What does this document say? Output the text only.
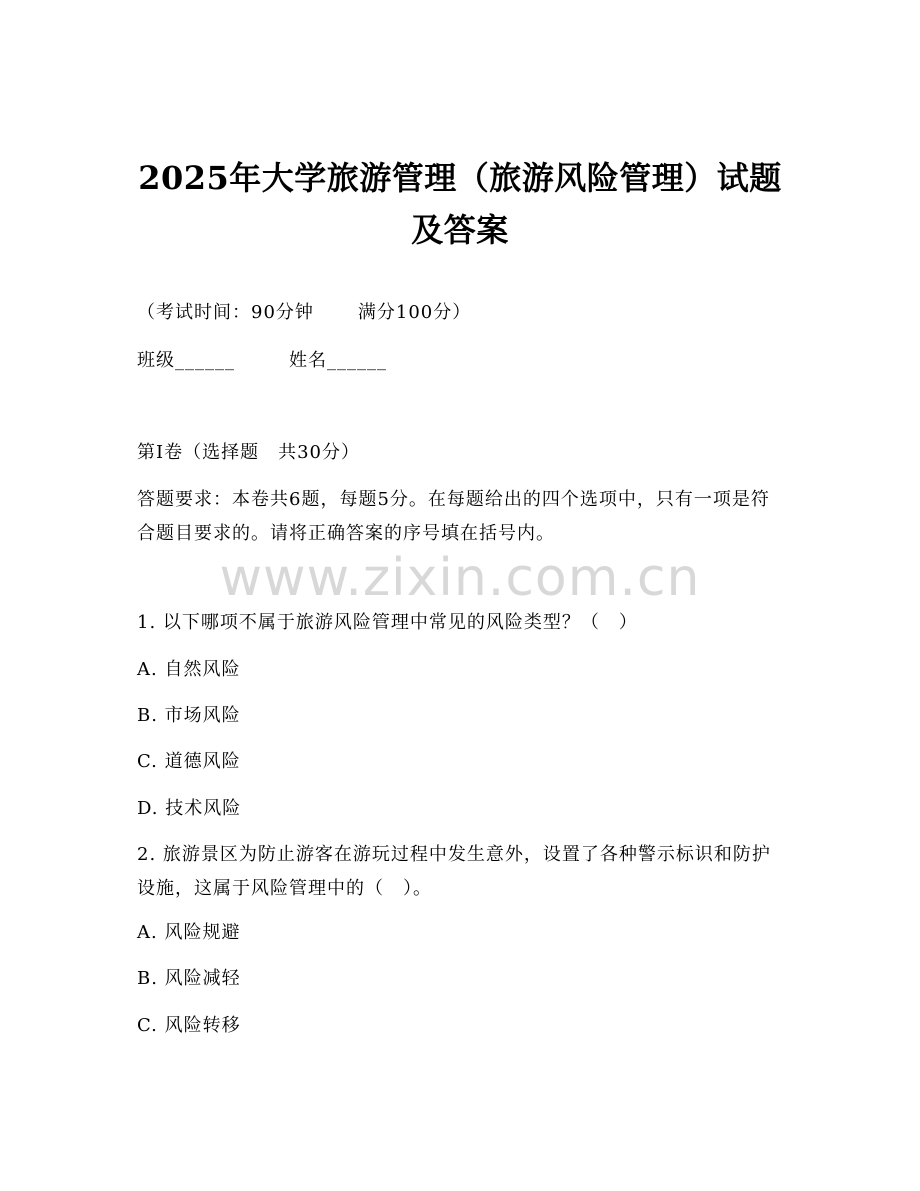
2025年大学旅游管理（旅游风险管理）试题
及答案
（考试时间：90分钟 满分100分）
班级______	姓名______
第Ⅰ卷（选择题　共30分）
答题要求：本卷共6题，每题5分。在每题给出的四个选项中，只有一项是符合题目要求的。请将正确答案的序号填在括号内。
www.zixin.com.cn
1. 以下哪项不属于旅游风险管理中常见的风险类型？（　）
A. 自然风险
B. 市场风险
C. 道德风险
D. 技术风险
2. 旅游景区为防止游客在游玩过程中发生意外，设置了各种警示标识和防护设施，这属于风险管理中的（　）。
A. 风险规避
B. 风险减轻
C. 风险转移
